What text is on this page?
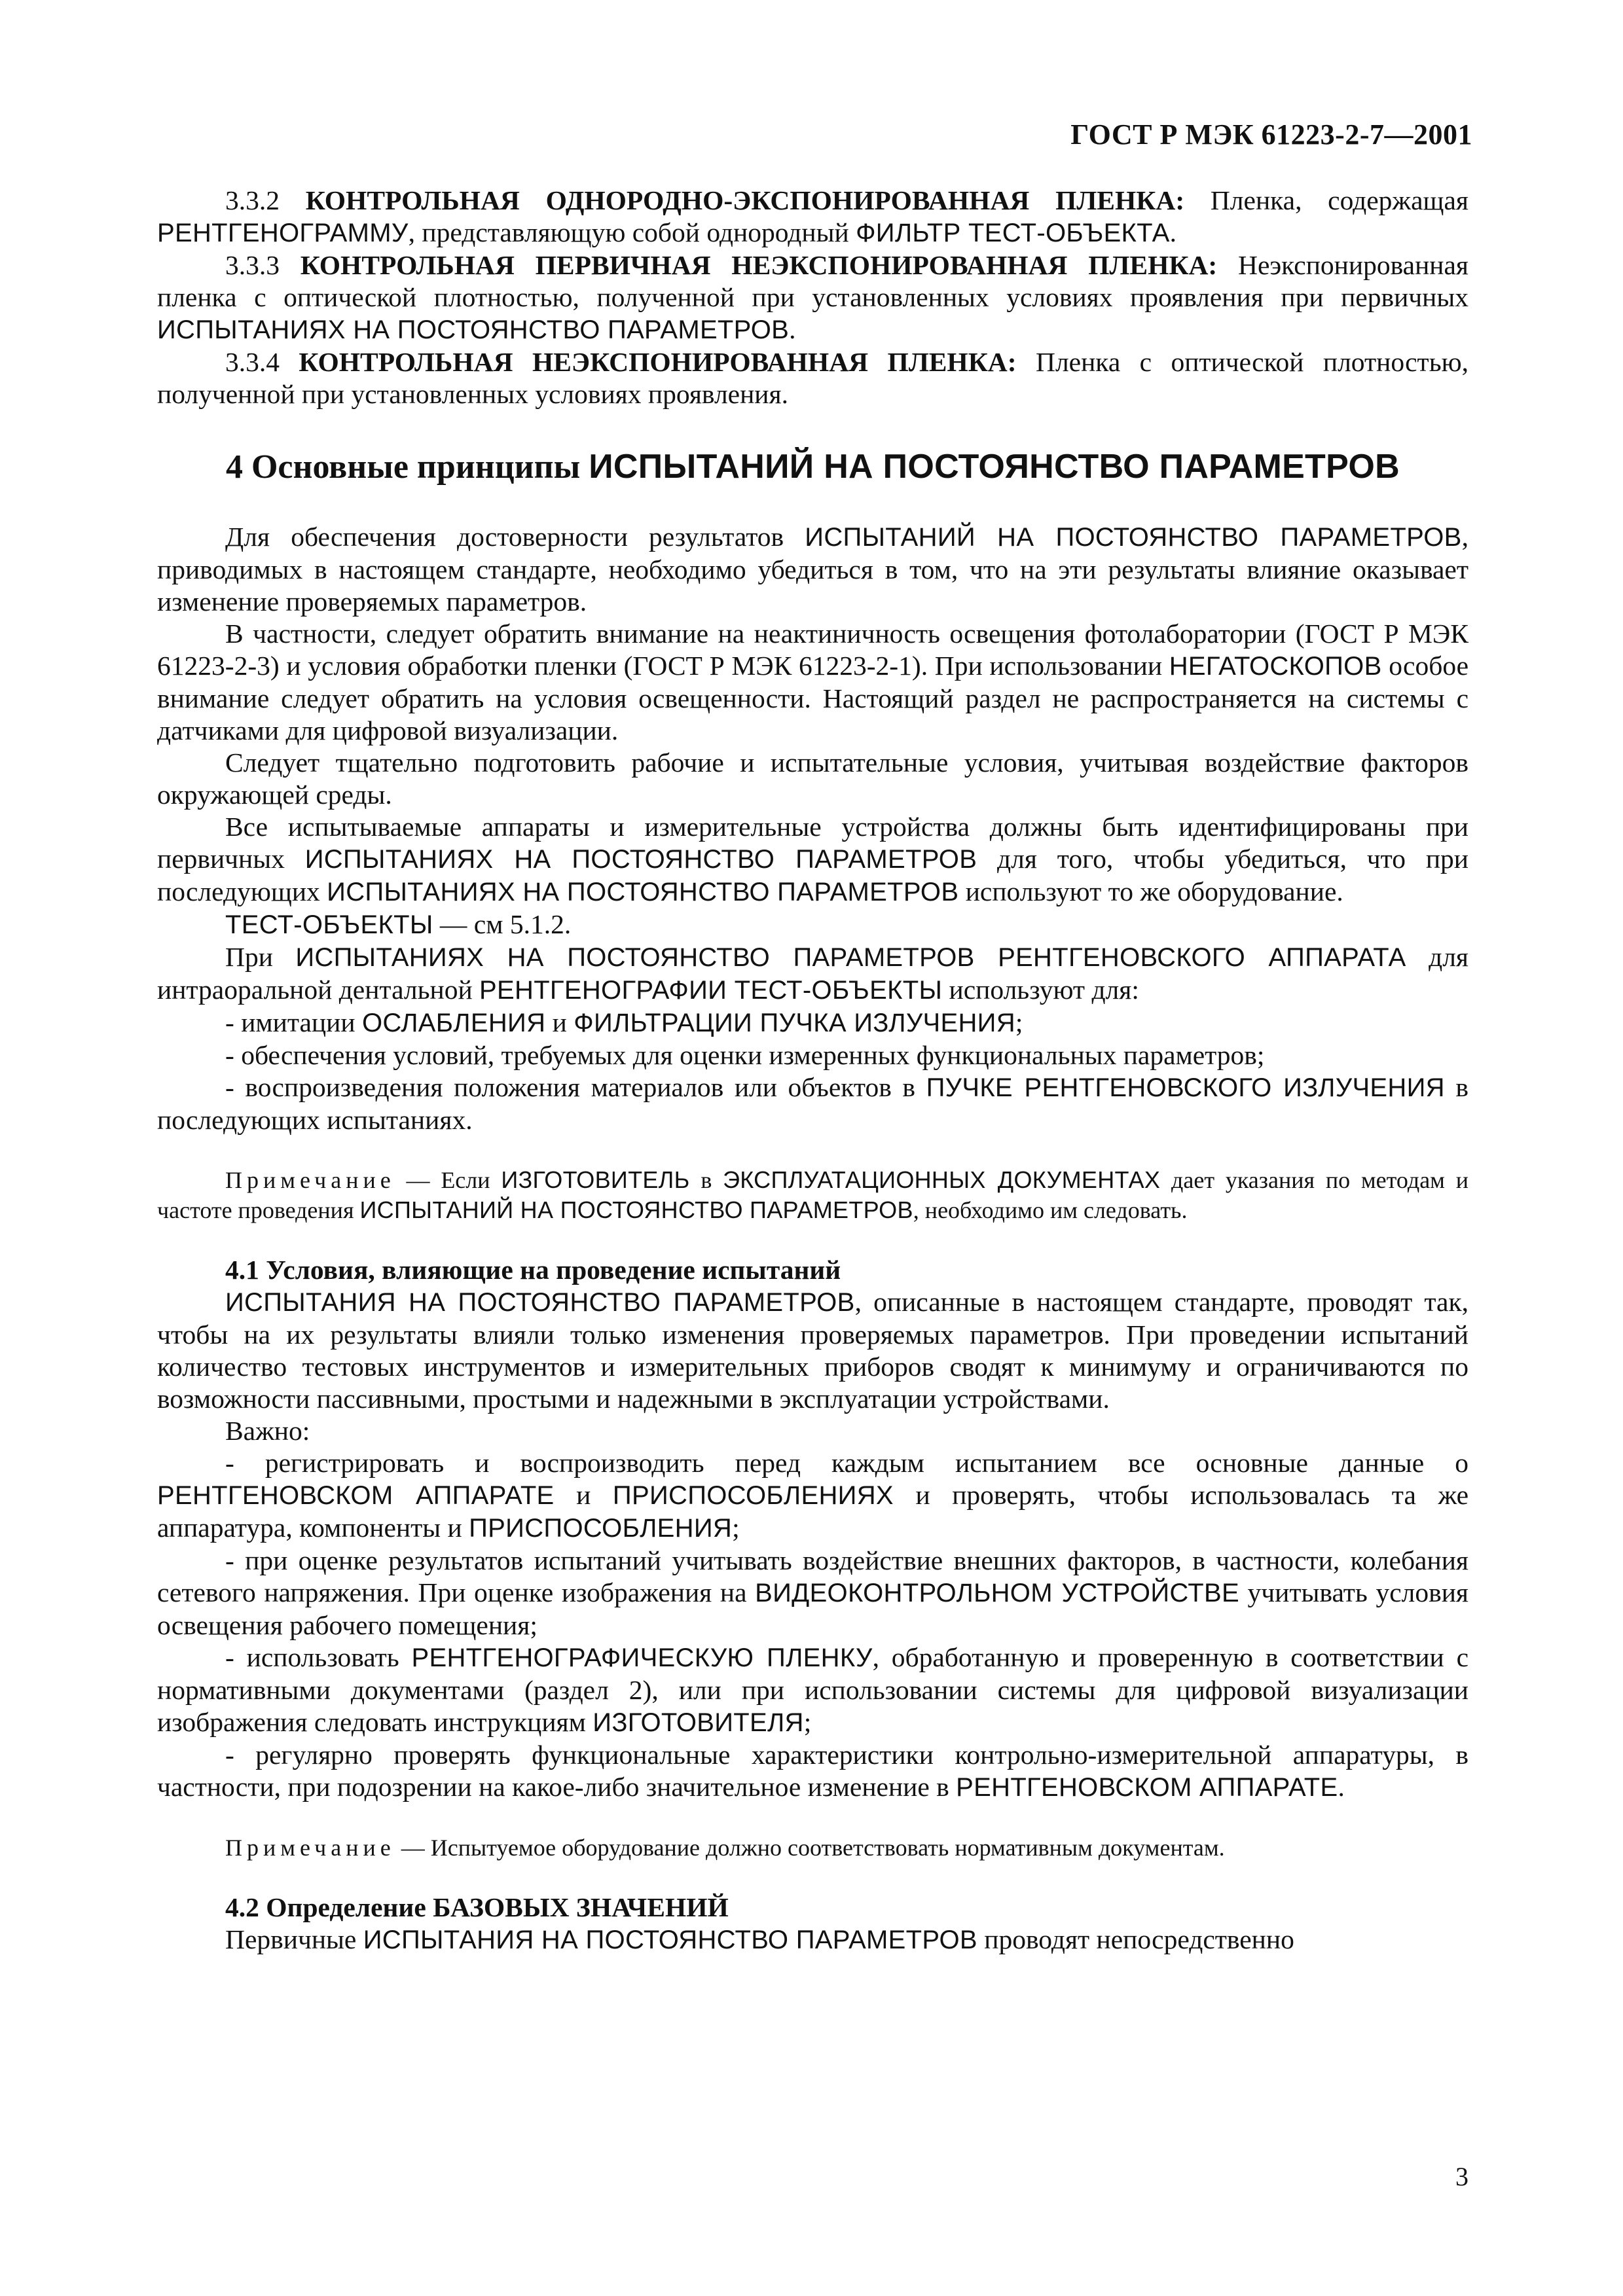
ГОСТ Р МЭК 61223-2-7—2001

3.3.2 КОНТРОЛЬНАЯ ОДНОРОДНО-ЭКСПОНИРОВАННАЯ ПЛЕНКА: Пленка, содержащая РЕНТГЕНОГРАММУ, представляющую собой однородный ФИЛЬТР ТЕСТ-ОБЪЕКТА.

3.3.3 КОНТРОЛЬНАЯ ПЕРВИЧНАЯ НЕЭКСПОНИРОВАННАЯ ПЛЕНКА: Неэкспонированная пленка с оптической плотностью, полученной при установленных условиях проявления при первичных ИСПЫТАНИЯХ НА ПОСТОЯНСТВО ПАРАМЕТРОВ.

3.3.4 КОНТРОЛЬНАЯ НЕЭКСПОНИРОВАННАЯ ПЛЕНКА: Пленка с оптической плотностью, полученной при установленных условиях проявления.

4 Основные принципы ИСПЫТАНИЙ НА ПОСТОЯНСТВО ПАРАМЕТРОВ

Для обеспечения достоверности результатов ИСПЫТАНИЙ НА ПОСТОЯНСТВО ПАРАМЕТРОВ, приводимых в настоящем стандарте, необходимо убедиться в том, что на эти результаты влияние оказывает изменение проверяемых параметров.

В частности, следует обратить внимание на неактиничность освещения фотолаборатории (ГОСТ Р МЭК 61223-2-3) и условия обработки пленки (ГОСТ Р МЭК 61223-2-1). При использовании НЕГАТОСКОПОВ особое внимание следует обратить на условия освещенности. Настоящий раздел не распространяется на системы с датчиками для цифровой визуализации.

Следует тщательно подготовить рабочие и испытательные условия, учитывая воздействие факторов окружающей среды.

Все испытываемые аппараты и измерительные устройства должны быть идентифицированы при первичных ИСПЫТАНИЯХ НА ПОСТОЯНСТВО ПАРАМЕТРОВ для того, чтобы убедиться, что при последующих ИСПЫТАНИЯХ НА ПОСТОЯНСТВО ПАРАМЕТРОВ используют то же оборудование.

ТЕСТ-ОБЪЕКТЫ — см 5.1.2.

При ИСПЫТАНИЯХ НА ПОСТОЯНСТВО ПАРАМЕТРОВ РЕНТГЕНОВСКОГО АППАРАТА для интраоральной дентальной РЕНТГЕНОГРАФИИ ТЕСТ-ОБЪЕКТЫ используют для:

- имитации ОСЛАБЛЕНИЯ и ФИЛЬТРАЦИИ ПУЧКА ИЗЛУЧЕНИЯ;

- обеспечения условий, требуемых для оценки измеренных функциональных параметров;

- воспроизведения положения материалов или объектов в ПУЧКЕ РЕНТГЕНОВСКОГО ИЗЛУЧЕНИЯ в последующих испытаниях.

Примечание — Если ИЗГОТОВИТЕЛЬ в ЭКСПЛУАТАЦИОННЫХ ДОКУМЕНТАХ дает указания по методам и частоте проведения ИСПЫТАНИЙ НА ПОСТОЯНСТВО ПАРАМЕТРОВ, необходимо им следовать.

4.1 Условия, влияющие на проведение испытаний

ИСПЫТАНИЯ НА ПОСТОЯНСТВО ПАРАМЕТРОВ, описанные в настоящем стандарте, проводят так, чтобы на их результаты влияли только изменения проверяемых параметров. При проведении испытаний количество тестовых инструментов и измерительных приборов сводят к минимуму и ограничиваются по возможности пассивными, простыми и надежными в эксплуатации устройствами.

Важно:

- регистрировать и воспроизводить перед каждым испытанием все основные данные о РЕНТГЕНОВСКОМ АППАРАТЕ и ПРИСПОСОБЛЕНИЯХ и проверять, чтобы использовалась та же аппаратура, компоненты и ПРИСПОСОБЛЕНИЯ;

- при оценке результатов испытаний учитывать воздействие внешних факторов, в частности, колебания сетевого напряжения. При оценке изображения на ВИДЕОКОНТРОЛЬНОМ УСТРОЙСТВЕ учитывать условия освещения рабочего помещения;

- использовать РЕНТГЕНОГРАФИЧЕСКУЮ ПЛЕНКУ, обработанную и проверенную в соответствии с нормативными документами (раздел 2), или при использовании системы для цифровой визуализации изображения следовать инструкциям ИЗГОТОВИТЕЛЯ;

- регулярно проверять функциональные характеристики контрольно-измерительной аппаратуры, в частности, при подозрении на какое-либо значительное изменение в РЕНТГЕНОВСКОМ АППАРАТЕ.

Примечание — Испытуемое оборудование должно соответствовать нормативным документам.

4.2 Определение БАЗОВЫХ ЗНАЧЕНИЙ

Первичные ИСПЫТАНИЯ НА ПОСТОЯНСТВО ПАРАМЕТРОВ проводят непосредственно

3
